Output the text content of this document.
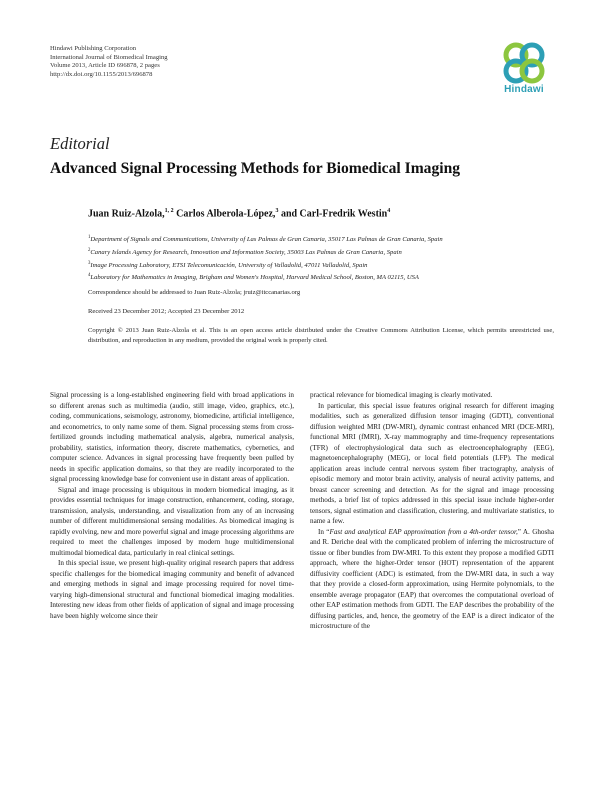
Hindawi Publishing Corporation
International Journal of Biomedical Imaging
Volume 2013, Article ID 696878, 2 pages
http://dx.doi.org/10.1155/2013/696878
Hindawi
Editorial
Advanced Signal Processing Methods for Biomedical Imaging
Juan Ruiz-Alzola,$^{1, 2}$ Carlos Alberola-López,$^3$ and Carl-Fredrik Westin$^4$
$^1$Department of Signals and Communications, University of Las Palmas de Gran Canaria, 35017 Las Palmas de Gran Canaria, Spain
$^2$Canary Islands Agency for Research, Innovation and Information Society, 35003 Las Palmas de Gran Canaria, Spain
$^3$Image Processing Laboratory, ETSI Telecomunicación, University of Valladolid, 47011 Valladolid, Spain
$^4$Laboratory for Mathematics in Imaging, Brigham and Women's Hospital, Harvard Medical School, Boston, MA 02115, USA
Correspondence should be addressed to Juan Ruiz-Alzola; jruiz@itccanarias.org
Received 23 December 2012; Accepted 23 December 2012
Copyright © 2013 Juan Ruiz-Alzola et al. This is an open access article distributed under the Creative Commons Attribution License, which permits unrestricted use, distribution, and reproduction in any medium, provided the original work is properly cited.

Signal processing is a long-established engineering field with broad applications in so different arenas such as multimedia (audio, still image, video, graphics, etc.), coding, communications, seismology, astronomy, biomedicine, artificial intelligence, and econometrics, to only name some of them. Signal processing stems from cross-fertilized grounds including mathematical analysis, algebra, numerical analysis, probability, statistics, information theory, discrete mathematics, cybernetics, and computer science. Advances in signal processing have frequently been pulled by needs in specific application domains, so that they are readily incorporated to the signal processing knowledge base for convenient use in distant areas of application.

Signal and image processing is ubiquitous in modern biomedical imaging, as it provides essential techniques for image construction, enhancement, coding, storage, transmission, analysis, understanding, and visualization from any of an increasing number of different multidimensional sensing modalities. As biomedical imaging is rapidly evolving, new and more powerful signal and image processing algorithms are required to meet the challenges imposed by modern huge multidimensional multimodal biomedical data, particularly in real clinical settings.

In this special issue, we present high-quality original research papers that address specific challenges for the biomedical imaging community and benefit of advanced and emerging methods in signal and image processing required for novel time-varying high-dimensional structural and functional biomedical imaging modalities. Interesting new ideas from other fields of application of signal and image processing have been highly welcome since their

practical relevance for biomedical imaging is clearly motivated.

In particular, this special issue features original research for different imaging modalities, such as generalized diffusion tensor imaging (GDTI), conventional diffusion weighted MRI (DW-MRI), dynamic contrast enhanced MRI (DCE-MRI), functional MRI (fMRI), X-ray mammography and time-frequency representations (TFR) of electrophysiological data such as electroencephalography (EEG), magnetoencephalography (MEG), or local field potentials (LFP). The medical application areas include central nervous system fiber tractography, analysis of episodic memory and motor brain activity, analysis of neural activity patterns, and breast cancer screening and detection. As for the signal and image processing methods, a brief list of topics addressed in this special issue include higher-order tensors, signal estimation and classification, clustering, and multivariate statistics, to name a few.

In “Fast and analytical EAP approximation from a 4th-order tensor,” A. Ghosha and R. Deriche deal with the complicated problem of inferring the microstructure of tissue or fiber bundles from DW-MRI. To this extent they propose a modified GDTI approach, where the higher-Order tensor (HOT) representation of the apparent diffusivity coefficient (ADC) is estimated, from the DW-MRI data, in such a way that they provide a closed-form approximation, using Hermite polynomials, to the ensemble average propagator (EAP) that overcomes the computational overload of other EAP estimation methods from GDTI. The EAP describes the probability of the diffusing particles, and, hence, the geometry of the EAP is a direct indicator of the microstructure of the
